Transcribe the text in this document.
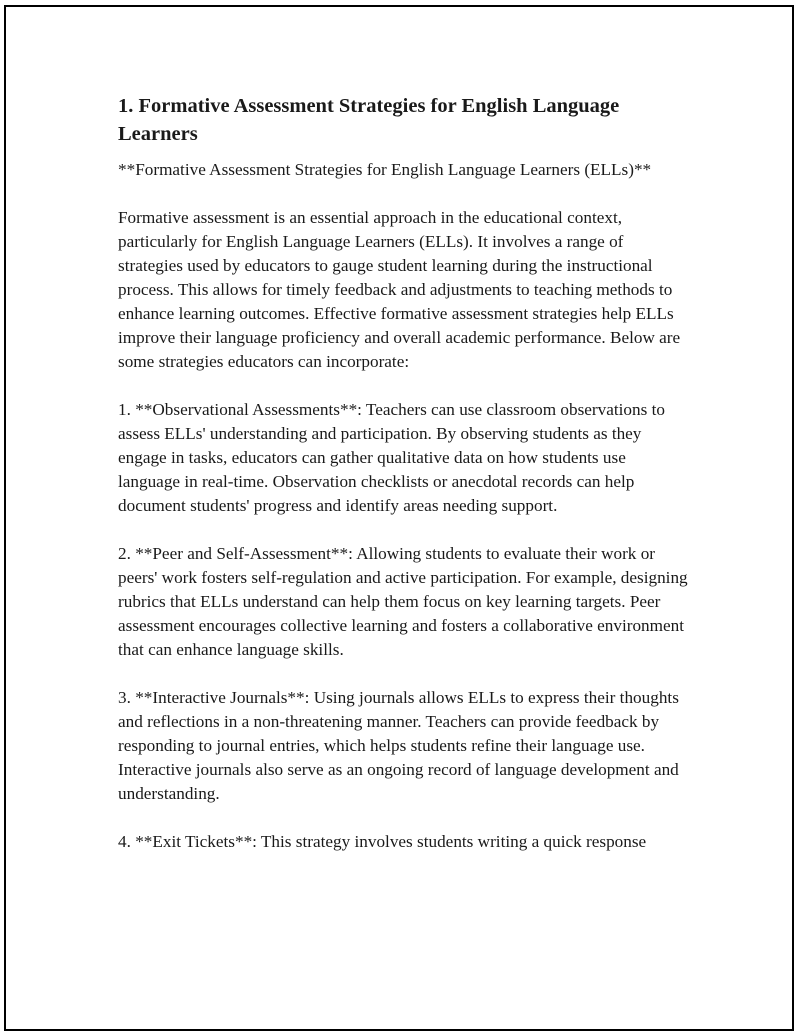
1. Formative Assessment Strategies for English Language Learners

**Formative Assessment Strategies for English Language Learners (ELLs)**

Formative assessment is an essential approach in the educational context, particularly for English Language Learners (ELLs). It involves a range of strategies used by educators to gauge student learning during the instructional process. This allows for timely feedback and adjustments to teaching methods to enhance learning outcomes. Effective formative assessment strategies help ELLs improve their language proficiency and overall academic performance. Below are some strategies educators can incorporate:

1. **Observational Assessments**: Teachers can use classroom observations to assess ELLs' understanding and participation. By observing students as they engage in tasks, educators can gather qualitative data on how students use language in real-time. Observation checklists or anecdotal records can help document students' progress and identify areas needing support.

2. **Peer and Self-Assessment**: Allowing students to evaluate their work or peers' work fosters self-regulation and active participation. For example, designing rubrics that ELLs understand can help them focus on key learning targets. Peer assessment encourages collective learning and fosters a collaborative environment that can enhance language skills.

3. **Interactive Journals**: Using journals allows ELLs to express their thoughts and reflections in a non-threatening manner. Teachers can provide feedback by responding to journal entries, which helps students refine their language use. Interactive journals also serve as an ongoing record of language development and understanding.

4. **Exit Tickets**: This strategy involves students writing a quick response
